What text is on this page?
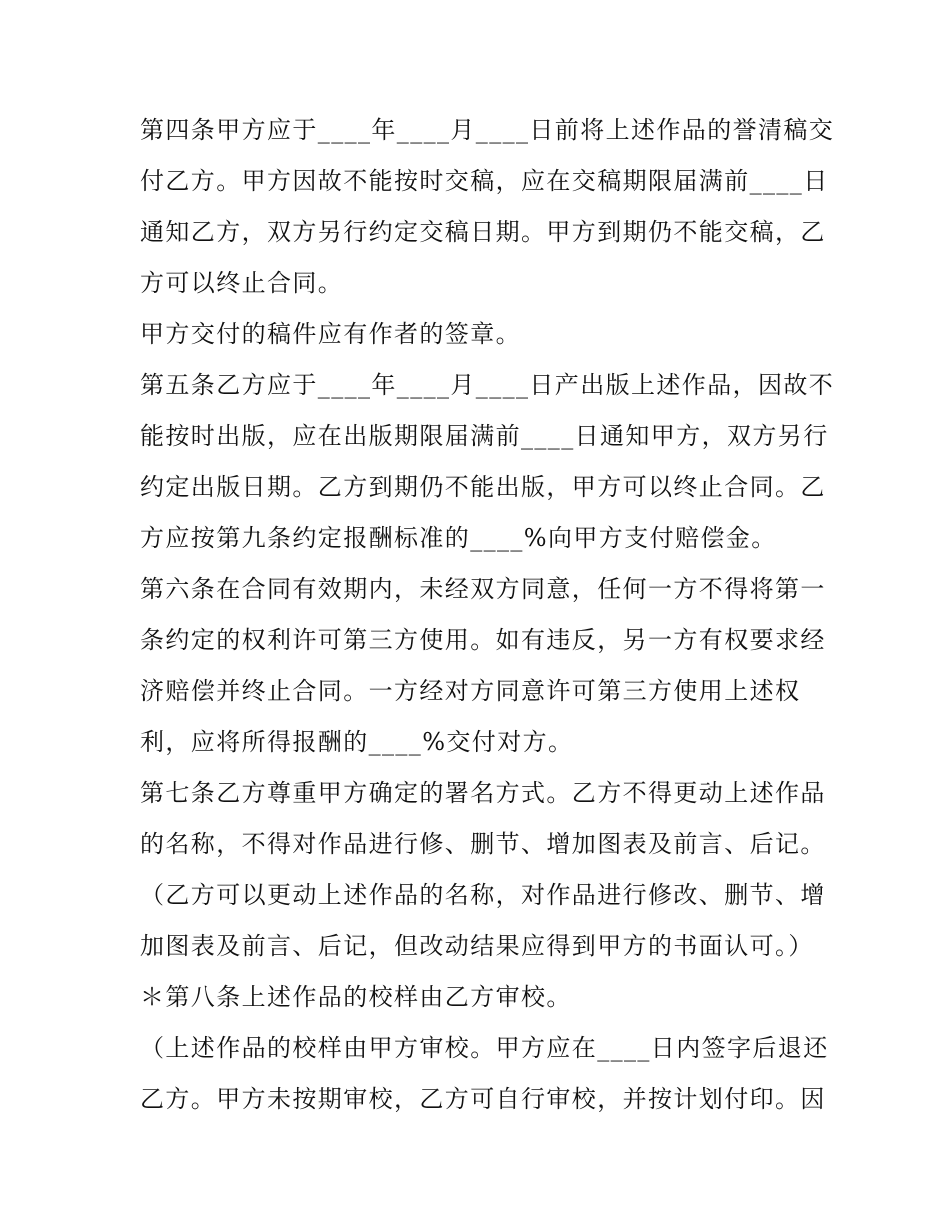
第四条甲方应于____年____月____日前将上述作品的誉清稿交
付乙方。甲方因故不能按时交稿，应在交稿期限届满前____日
通知乙方，双方另行约定交稿日期。甲方到期仍不能交稿，乙
方可以终止合同。
甲方交付的稿件应有作者的签章。
第五条乙方应于____年____月____日产出版上述作品，因故不
能按时出版，应在出版期限届满前____日通知甲方，双方另行
约定出版日期。乙方到期仍不能出版，甲方可以终止合同。乙
方应按第九条约定报酬标准的____%向甲方支付赔偿金。
第六条在合同有效期内，未经双方同意，任何一方不得将第一
条约定的权利许可第三方使用。如有违反，另一方有权要求经
济赔偿并终止合同。一方经对方同意许可第三方使用上述权
利，应将所得报酬的____%交付对方。
第七条乙方尊重甲方确定的署名方式。乙方不得更动上述作品
的名称，不得对作品进行修、删节、增加图表及前言、后记。
（乙方可以更动上述作品的名称，对作品进行修改、删节、增
加图表及前言、后记，但改动结果应得到甲方的书面认可。）
＊第八条上述作品的校样由乙方审校。
（上述作品的校样由甲方审校。甲方应在____日内签字后退还
乙方。甲方未按期审校，乙方可自行审校，并按计划付印。因
